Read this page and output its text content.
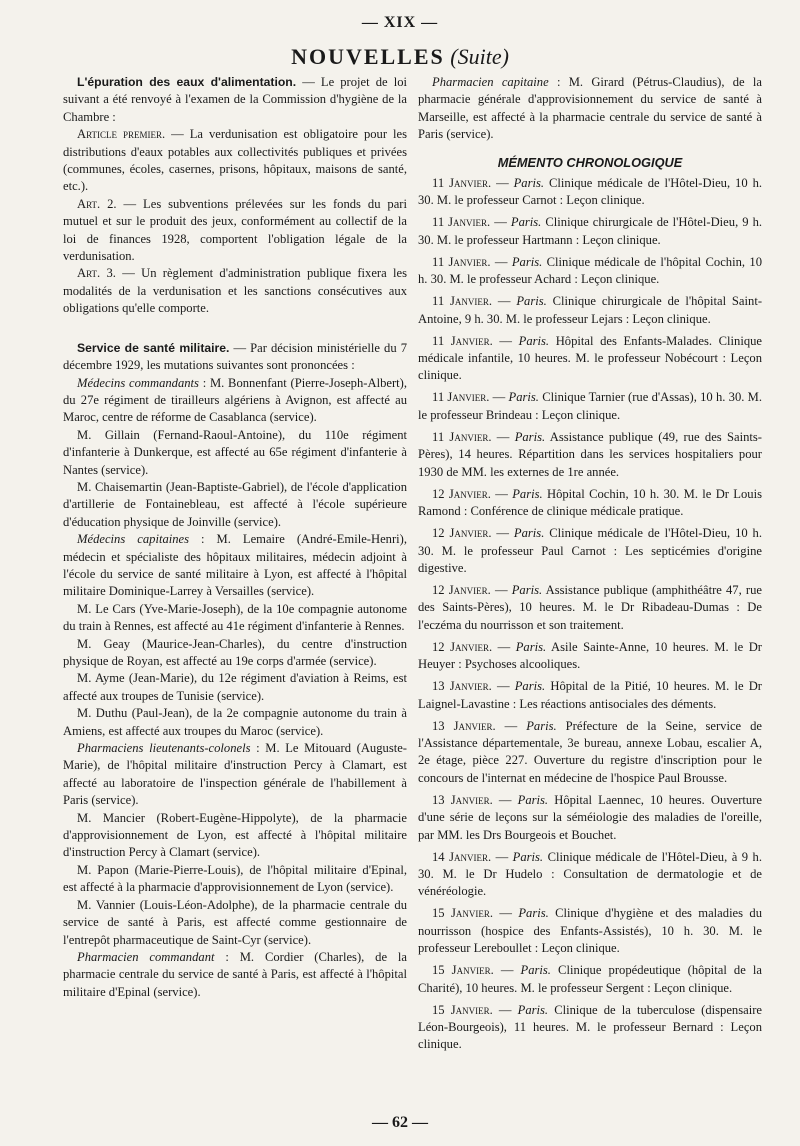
— XIX —
NOUVELLES (Suite)

L'épuration des eaux d'alimentation. — Le projet de loi suivant a été renvoyé à l'examen de la Commission d'hygiène de la Chambre :

Article premier. — La verdunisation est obligatoire pour les distributions d'eaux potables aux collectivités publiques et privées (communes, écoles, casernes, prisons, hôpitaux, maisons de santé, etc.).

Art. 2. — Les subventions prélevées sur les fonds du pari mutuel et sur le produit des jeux, conformément au collectif de la loi de finances 1928, comportent l'obligation légale de la verdunisation.

Art. 3. — Un règlement d'administration publique fixera les modalités de la verdunisation et les sanctions consécutives aux obligations qu'elle comporte.

Service de santé militaire. — Par décision ministérielle du 7 décembre 1929, les mutations suivantes sont prononcées :

Médecins commandants : M. Bonnenfant (Pierre-Joseph-Albert), du 27e régiment de tirailleurs algériens à Avignon, est affecté au Maroc, centre de réforme de Casablanca (service).

M. Gillain (Fernand-Raoul-Antoine), du 110e régiment d'infanterie à Dunkerque, est affecté au 65e régiment d'infanterie à Nantes (service).

M. Chaisemartin (Jean-Baptiste-Gabriel), de l'école d'application d'artillerie de Fontainebleau, est affecté à l'école supérieure d'éducation physique de Joinville (service).

Médecins capitaines : M. Lemaire (André-Emile-Henri), médecin et spécialiste des hôpitaux militaires, médecin adjoint à l'école du service de santé militaire à Lyon, est affecté à l'hôpital militaire Dominique-Larrey à Versailles (service).

M. Le Cars (Yve-Marie-Joseph), de la 10e compagnie autonome du train à Rennes, est affecté au 41e régiment d'infanterie à Rennes.

M. Geay (Maurice-Jean-Charles), du centre d'instruction physique de Royan, est affecté au 19e corps d'armée (service).

M. Ayme (Jean-Marie), du 12e régiment d'aviation à Reims, est affecté aux troupes de Tunisie (service).

M. Duthu (Paul-Jean), de la 2e compagnie autonome du train à Amiens, est affecté aux troupes du Maroc (service).

Pharmaciens lieutenants-colonels : M. Le Mitouard (Auguste-Marie), de l'hôpital militaire d'instruction Percy à Clamart, est affecté au laboratoire de l'inspection générale de l'habillement à Paris (service).

M. Mancier (Robert-Eugène-Hippolyte), de la pharmacie d'approvisionnement de Lyon, est affecté à l'hôpital militaire d'instruction Percy à Clamart (service).

M. Papon (Marie-Pierre-Louis), de l'hôpital militaire d'Epinal, est affecté à la pharmacie d'approvisionnement de Lyon (service).

M. Vannier (Louis-Léon-Adolphe), de la pharmacie centrale du service de santé à Paris, est affecté comme gestionnaire de l'entrepôt pharmaceutique de Saint-Cyr (service).

Pharmacien commandant : M. Cordier (Charles), de la pharmacie centrale du service de santé à Paris, est affecté à l'hôpital militaire d'Epinal (service).

Pharmacien capitaine : M. Girard (Pétrus-Claudius), de la pharmacie générale d'approvisionnement du service de santé à Marseille, est affecté à la pharmacie centrale du service de santé à Paris (service).

MÉMENTO CHRONOLOGIQUE

11 Janvier. — Paris. Clinique médicale de l'Hôtel-Dieu, 10 h. 30. M. le professeur Carnot : Leçon clinique.

11 Janvier. — Paris. Clinique chirurgicale de l'Hôtel-Dieu, 9 h. 30. M. le professeur Hartmann : Leçon clinique.

11 Janvier. — Paris. Clinique médicale de l'hôpital Cochin, 10 h. 30. M. le professeur Achard : Leçon clinique.

11 Janvier. — Paris. Clinique chirurgicale de l'hôpital Saint-Antoine, 9 h. 30. M. le professeur Lejars : Leçon clinique.

11 Janvier. — Paris. Hôpital des Enfants-Malades. Clinique médicale infantile, 10 heures. M. le professeur Nobécourt : Leçon clinique.

11 Janvier. — Paris. Clinique Tarnier (rue d'Assas), 10 h. 30. M. le professeur Brindeau : Leçon clinique.

11 Janvier. — Paris. Assistance publique (49, rue des Saints-Pères), 14 heures. Répartition dans les services hospitaliers pour 1930 de MM. les externes de 1re année.

12 Janvier. — Paris. Hôpital Cochin, 10 h. 30. M. le Dr Louis Ramond : Conférence de clinique médicale pratique.

12 Janvier. — Paris. Clinique médicale de l'Hôtel-Dieu, 10 h. 30. M. le professeur Paul Carnot : Les septicémies d'origine digestive.

12 Janvier. — Paris. Assistance publique (amphithéâtre 47, rue des Saints-Pères), 10 heures. M. le Dr Ribadeau-Dumas : De l'eczéma du nourrisson et son traitement.

12 Janvier. — Paris. Asile Sainte-Anne, 10 heures. M. le Dr Heuyer : Psychoses alcooliques.

13 Janvier. — Paris. Hôpital de la Pitié, 10 heures. M. le Dr Laignel-Lavastine : Les réactions antisociales des déments.

13 Janvier. — Paris. Préfecture de la Seine, service de l'Assistance départementale, 3e bureau, annexe Lobau, escalier A, 2e étage, pièce 227. Ouverture du registre d'inscription pour le concours de l'internat en médecine de l'hospice Paul Brousse.

13 Janvier. — Paris. Hôpital Laennec, 10 heures. Ouverture d'une série de leçons sur la séméiologie des maladies de l'oreille, par MM. les Drs Bourgeois et Bouchet.

14 Janvier. — Paris. Clinique médicale de l'Hôtel-Dieu, à 9 h. 30. M. le Dr Hudelo : Consultation de dermatologie et de vénéréologie.

15 Janvier. — Paris. Clinique d'hygiène et des maladies du nourrisson (hospice des Enfants-Assistés), 10 h. 30. M. le professeur Lereboullet : Leçon clinique.

15 Janvier. — Paris. Clinique propédeutique (hôpital de la Charité), 10 heures. M. le professeur Sergent : Leçon clinique.

15 Janvier. — Paris. Clinique de la tuberculose (dispensaire Léon-Bourgeois), 11 heures. M. le professeur Bernard : Leçon clinique.

— 62 —
